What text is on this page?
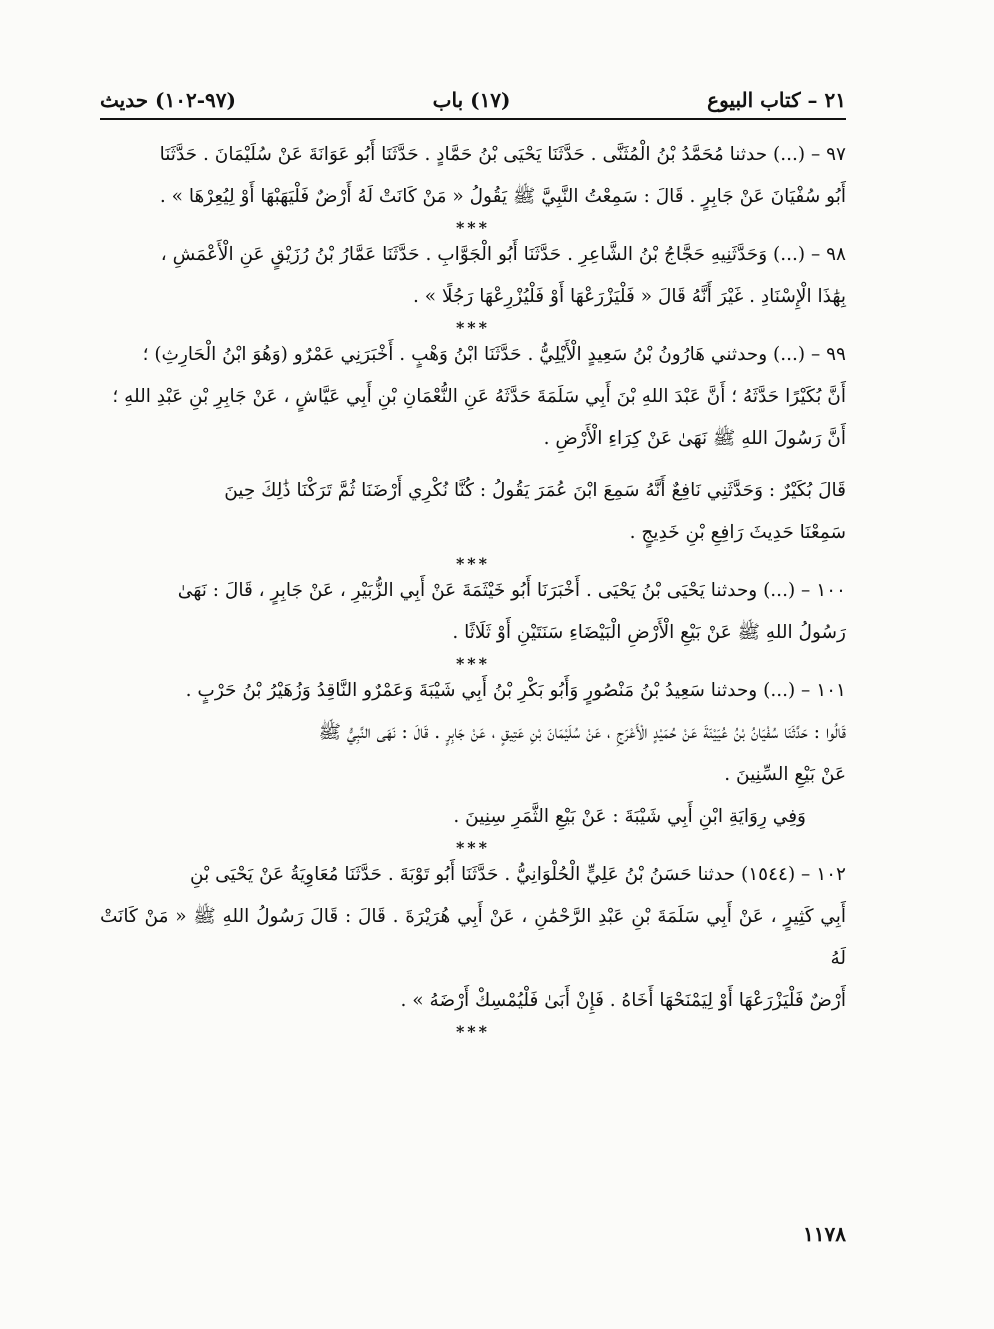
٢١ – كتاب البيوع
(١٧) باب
(٩٧-١٠٢) حديث

٩٧ – (...) حدثنا مُحَمَّدُ بْنُ الْمُثَنَّى . حَدَّثَنَا يَحْيَى بْنُ حَمَّادٍ . حَدَّثَنَا أَبُو عَوَانَةَ عَنْ سُلَيْمَانَ . حَدَّثَنَا

أَبُو سُفْيَانَ عَنْ جَابِرٍ . قَالَ : سَمِعْتُ النَّبِيَّ ﷺ يَقُولُ « مَنْ كَانَتْ لَهُ أَرْضٌ فَلْيَهَبْهَا أَوْ لِيُعِرْهَا » .

***

٩٨ – (...) وَحَدَّثَنِيهِ حَجَّاجُ بْنُ الشَّاعِرِ . حَدَّثَنَا أَبُو الْجَوَّابِ . حَدَّثَنَا عَمَّارُ بْنُ رُزَيْقٍ عَنِ الْأَعْمَشِ ،

بِهَٰذَا الْإِسْنَادِ . غَيْرَ أَنَّهُ قَالَ « فَلْيَزْرَعْهَا أَوْ فَلْيُزْرِعْهَا رَجُلًا » .

***

٩٩ – (...) وحدثني هَارُونُ بْنُ سَعِيدٍ الْأَيْلِيُّ . حَدَّثَنَا ابْنُ وَهْبٍ . أَخْبَرَنِي عَمْرٌو (وَهُوَ ابْنُ الْحَارِثِ) ؛

أَنَّ بُكَيْرًا حَدَّثَهُ ؛ أَنَّ عَبْدَ اللهِ بْنَ أَبِي سَلَمَةَ حَدَّثَهُ عَنِ النُّعْمَانِ بْنِ أَبِي عَيَّاشٍ ، عَنْ جَابِرِ بْنِ عَبْدِ اللهِ ؛

أَنَّ رَسُولَ اللهِ ﷺ نَهَىٰ عَنْ كِرَاءِ الْأَرْضِ .

قَالَ بُكَيْرٌ : وَحَدَّثَنِي نَافِعٌ أَنَّهُ سَمِعَ ابْنَ عُمَرَ يَقُولُ : كُنَّا نُكْرِي أَرْضَنَا ثُمَّ تَرَكْنَا ذَٰلِكَ حِينَ

سَمِعْنَا حَدِيثَ رَافِعِ بْنِ خَدِيجٍ .

***

١٠٠ – (...) وحدثنا يَحْيَى بْنُ يَحْيَى . أَخْبَرَنَا أَبُو خَيْثَمَةَ عَنْ أَبِي الزُّبَيْرِ ، عَنْ جَابِرٍ ، قَالَ : نَهَىٰ

رَسُولُ اللهِ ﷺ عَنْ بَيْعِ الْأَرْضِ الْبَيْضَاءِ سَنَتَيْنِ أَوْ ثَلَاثًا .

***

١٠١ – (...) وحدثنا سَعِيدُ بْنُ مَنْصُورٍ وَأَبُو بَكْرِ بْنُ أَبِي شَيْبَةَ وَعَمْرٌو النَّاقِدُ وَزُهَيْرُ بْنُ حَرْبٍ .

قَالُوا : حَدَّثَنَا سُفْيَانُ بْنُ عُيَيْنَةَ عَنْ حُمَيْدٍ الْأَعْرَجِ ، عَنْ سُلَيْمَانَ بْنِ عَتِيقٍ ، عَنْ جَابِرٍ . قَالَ : نَهَى النَّبِيُّ ﷺ

عَنْ بَيْعِ السِّنِينَ .

وَفِي رِوَايَةِ ابْنِ أَبِي شَيْبَةَ : عَنْ بَيْعِ الثَّمَرِ سِنِينَ .

***

١٠٢ – (١٥٤٤) حدثنا حَسَنُ بْنُ عَلِيٍّ الْحُلْوَانِيُّ . حَدَّثَنَا أَبُو تَوْبَةَ . حَدَّثَنَا مُعَاوِيَةُ عَنْ يَحْيَى بْنِ

أَبِي كَثِيرٍ ، عَنْ أَبِي سَلَمَةَ بْنِ عَبْدِ الرَّحْمَٰنِ ، عَنْ أَبِي هُرَيْرَةَ . قَالَ : قَالَ رَسُولُ اللهِ ﷺ « مَنْ كَانَتْ لَهُ

أَرْضٌ فَلْيَزْرَعْهَا أَوْ لِيَمْنَحْهَا أَخَاهُ . فَإِنْ أَبَىٰ فَلْيُمْسِكْ أَرْضَهُ » .

***
١١٧٨
